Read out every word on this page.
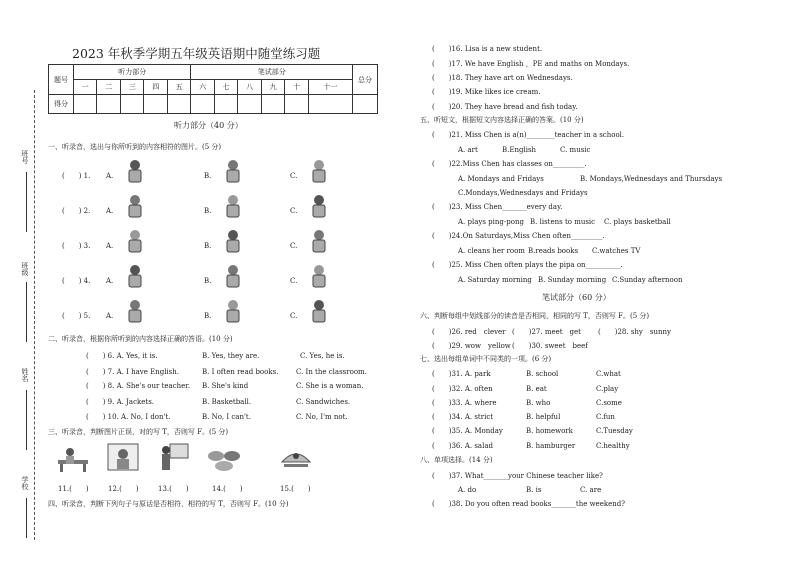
班号
班级
姓名
学校
2023 年秋季学期五年级英语期中随堂练习题
题号	听力部分					笔试部分						总分
	一	二	三	四	五	六	七	八	九	十	十一	
得分												
听力部分（40 分）
一、听录音，选出与你所听到的内容相符的图片。(5 分)
(　　) 1. A.	B.	C.
(　　) 2. A.	B.	C.
(　　) 3. A.	B.	C.
(　　) 4. A.	B.	C.
(　　) 5. A.	B.	C.
二、听录音，根据你所听到的内容选择正确的答语。(10 分)
(　　) 6. A. Yes, it is.	B. Yes, they are.	C. Yes, he is.
(　　) 7. A. I have English.	B. I often read books.	C. In the classroom.
(　　) 8. A. She's our teacher. B. She's kind	C. She is a woman.
(　　) 9. A. Jackets.	B. Basketball.	C. Sandwiches.
(　　) 10. A. No, I don't.	B. No, I can't.	C. No, I'm not.
三、听录音，判断图片正误，对的写 T，否则写 F。(5 分)
11.(　　)	12.(　　)	13.(　　)	14.(　　)	15.(　　)
四、听录音，判断下列句子与原话是否相符，相符的写 T，否则写 F。(10 分)
(　　)16. Lisa is a new student.
(　　)17. We have English ，PE and maths on Mondays.
(　　)18. They have art on Wednesdays.
(　　)19. Mike likes ice cream.
(　　)20. They have bread and fish today.
五、听短文，根据短文内容选择正确的答案。(10 分)
(　　)21. Miss Chen is a(n)________teacher in a school.
A. art	B.English	C. music
(　　)22.Miss Chen has classes on_________.
A. Mondays and Fridays	B. Mondays,Wednesdays and Thursdays
C.Mondays,Wednesdays and Fridays
(　　)23. Miss Chen_______every day.
A. plays ping-pong B. listens to music C. plays basketball
(　　)24.On Saturdays,Miss Chen often_________.
A. cleans her room B.reads books C.watches TV
(　　)25. Miss Chen often plays the pipa on__________.
A. Saturday morning B. Sunday morning C.Sunday afternoon
笔试部分（60 分）
六、判断每组中划线部分的读音是否相同，相同的写 T，否则写 F。(5 分)
(　　)26. red　clever (　　)27. meet　get (　　)28. shy　sunny
(　　)29. wow　yellow (　　)30. sweet　beef
七、选出每组单词中不同类的一项。(6 分)
(　　)31. A. park	B. school	C.what
(　　)32. A. often	B. eat	C.play
(　　)33. A. where	B. who	C.some
(　　)34. A. strict	B. helpful	C.fun
(　　)35. A. Monday	B. homework	C.Tuesday
(　　)36. A. salad	B. hamburger	C.healthy
八、单项选择。(14 分)
(　　)37. What_______your Chinese teacher like?
A. do	B. is	C. are
(　　)38. Do you often read books_______the weekend?
